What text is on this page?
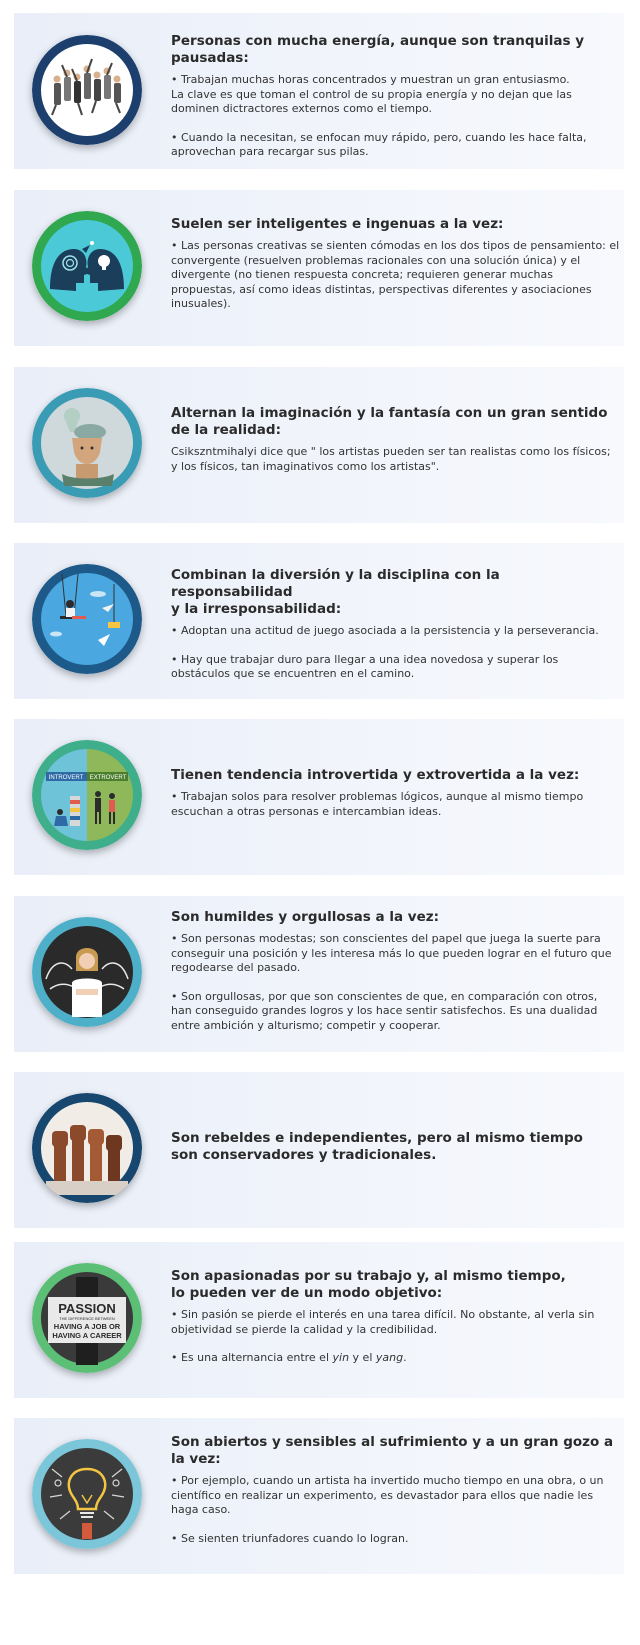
Personas con mucha energía, aunque son tranquilas y pausadas:
• Trabajan muchas horas concentrados y muestran un gran entusiasmo.
La clave es que toman el control de su propia energía y no dejan que las dominen dictractores externos como el tiempo.
• Cuando la necesitan, se enfocan muy rápido, pero, cuando les hace falta, aprovechan para recargar sus pilas.
Suelen ser inteligentes e ingenuas a la vez:
• Las personas creativas se sienten cómodas en los dos tipos de pensamiento: el convergente (resuelven problemas racionales con una solución única) y el divergente (no tienen respuesta concreta; requieren generar muchas propuestas, así como ideas distintas, perspectivas diferentes y asociaciones inusuales).
Alternan la imaginación y la fantasía con un gran sentido
de la realidad:
Csikszntmihalyi dice que " los artistas pueden ser tan realistas como los físicos; y los físicos, tan imaginativos como los artistas".
Combinan la diversión y la disciplina con la responsabilidad
y la irresponsabilidad:
• Adoptan una actitud de juego asociada a la persistencia y la perseverancia.
• Hay que trabajar duro para llegar a una idea novedosa y superar los obstáculos que se encuentren en el camino.
INTROVERT EXTROVERT	Tienen tendencia introvertida y extrovertida a la vez:
• Trabajan solos para resolver problemas lógicos, aunque al mismo tiempo escuchan a otras personas e intercambian ideas.
Son humildes y orgullosas a la vez:
• Son personas modestas; son conscientes del papel que juega la suerte para conseguir una posición y les interesa más lo que pueden lograr en el futuro que regodearse del pasado.
• Son orgullosas, por que son conscientes de que, en comparación con otros, han conseguido grandes logros y los hace sentir satisfechos. Es una dualidad entre ambición y alturismo; competir y cooperar.
Son rebeldes e independientes, pero al mismo tiempo
son conservadores y tradicionales.
PASSION
THE DIFFERENCE BETWEEN
HAVING A JOB OR
HAVING A CAREER
Son apasionadas por su trabajo y, al mismo tiempo,
lo pueden ver de un modo objetivo:
• Sin pasión se pierde el interés en una tarea difícil. No obstante, al verla sin objetividad se pierde la calidad y la credibilidad.
• Es una alternancia entre el yin y el yang.
Son abiertos y sensibles al sufrimiento y a un gran gozo a la vez:
• Por ejemplo, cuando un artista ha invertido mucho tiempo en una obra, o un científico en realizar un experimento, es devastador para ellos que nadie les haga caso.
• Se sienten triunfadores cuando lo logran.
